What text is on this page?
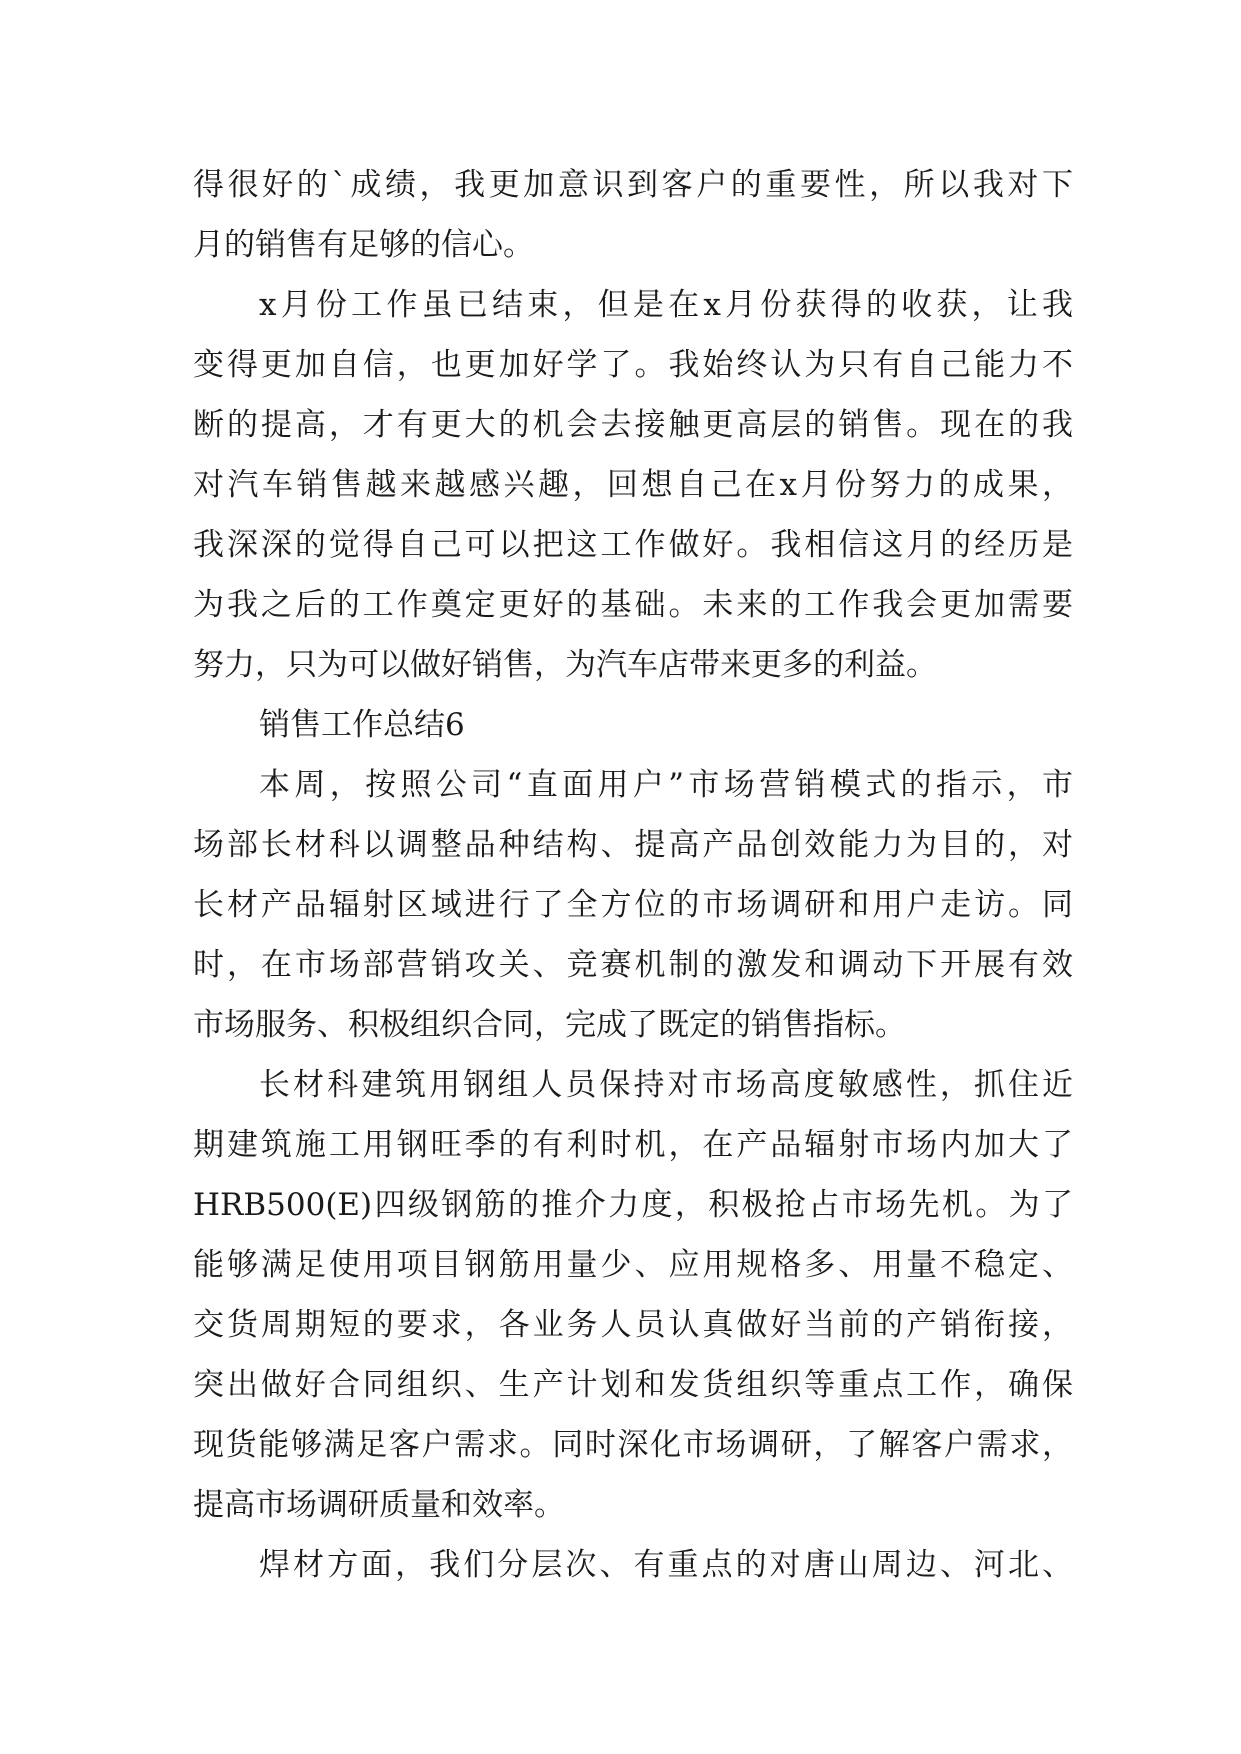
得很好的`成绩，我更加意识到客户的重要性，所以我对下
月的销售有足够的信心。
x月份工作虽已结束，但是在x月份获得的收获，让我
变得更加自信，也更加好学了。我始终认为只有自己能力不
断的提高，才有更大的机会去接触更高层的销售。现在的我
对汽车销售越来越感兴趣，回想自己在x月份努力的成果，
我深深的觉得自己可以把这工作做好。我相信这月的经历是
为我之后的工作奠定更好的基础。未来的工作我会更加需要
努力，只为可以做好销售，为汽车店带来更多的利益。
销售工作总结6
本周，按照公司“直面用户”市场营销模式的指示，市
场部长材科以调整品种结构、提高产品创效能力为目的，对
长材产品辐射区域进行了全方位的市场调研和用户走访。同
时，在市场部营销攻关、竞赛机制的激发和调动下开展有效
市场服务、积极组织合同，完成了既定的销售指标。
长材科建筑用钢组人员保持对市场高度敏感性，抓住近
期建筑施工用钢旺季的有利时机，在产品辐射市场内加大了
HRB500(E)四级钢筋的推介力度，积极抢占市场先机。为了
能够满足使用项目钢筋用量少、应用规格多、用量不稳定、
交货周期短的要求，各业务人员认真做好当前的产销衔接，
突出做好合同组织、生产计划和发货组织等重点工作，确保
现货能够满足客户需求。同时深化市场调研，了解客户需求，
提高市场调研质量和效率。
焊材方面，我们分层次、有重点的对唐山周边、河北、
